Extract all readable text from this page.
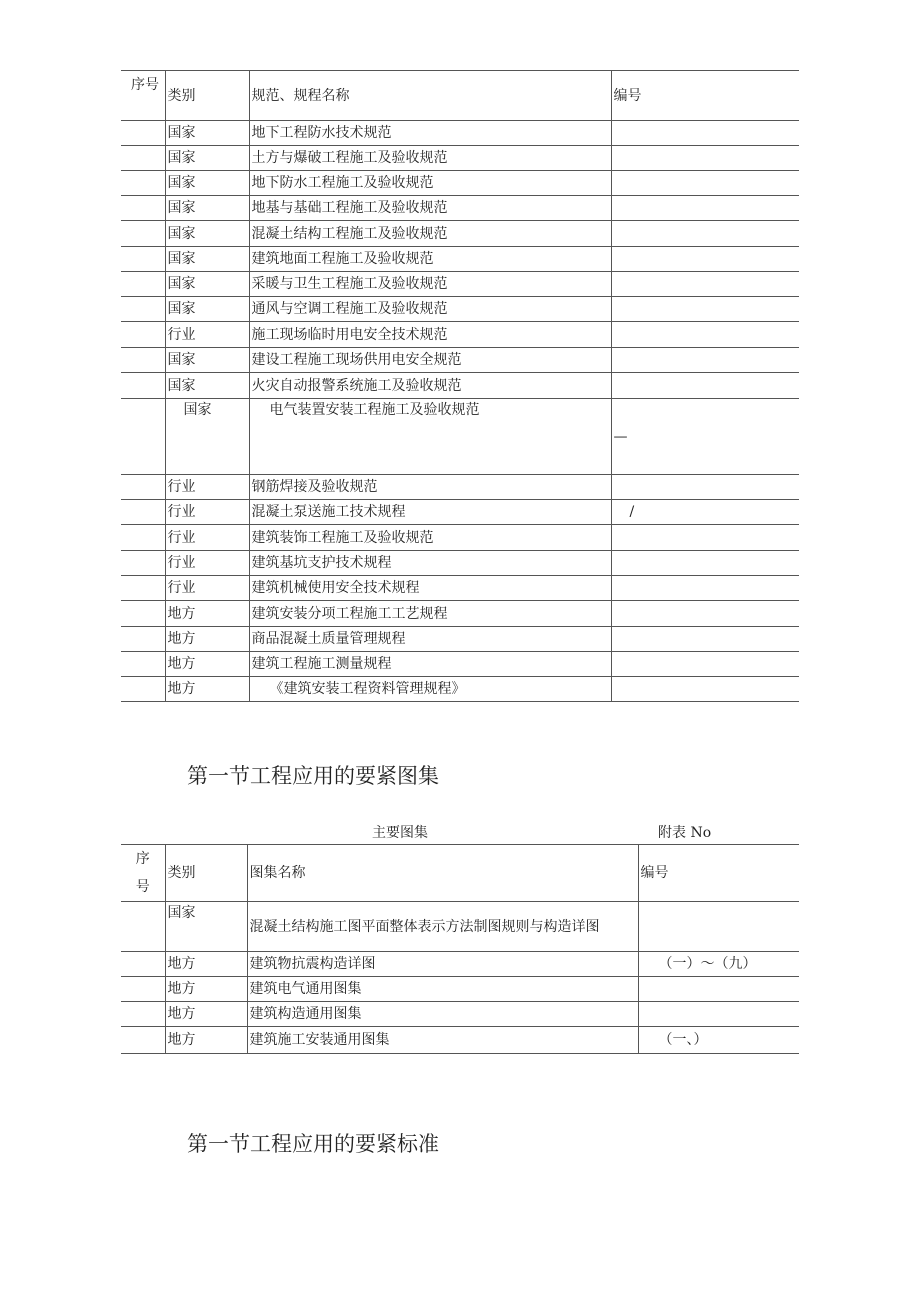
序号	类别	规范、规程名称	编号
	国家	地下工程防水技术规范	
	国家	土方与爆破工程施工及验收规范	
	国家	地下防水工程施工及验收规范	
	国家	地基与基础工程施工及验收规范	
	国家	混凝土结构工程施工及验收规范	
	国家	建筑地面工程施工及验收规范	
	国家	采暖与卫生工程施工及验收规范	
	国家	通风与空调工程施工及验收规范	
	行业	施工现场临时用电安全技术规范	
	国家	建设工程施工现场供用电安全规范	
	国家	火灾自动报警系统施工及验收规范	
	国家	电气装置安装工程施工及验收规范	—
	行业	钢筋焊接及验收规范	
	行业	混凝土泵送施工技术规程	/
	行业	建筑装饰工程施工及验收规范	
	行业	建筑基坑支护技术规程	
	行业	建筑机械使用安全技术规程	
	地方	建筑安装分项工程施工工艺规程	
	地方	商品混凝土质量管理规程	
	地方	建筑工程施工测量规程	
	地方	《建筑安装工程资料管理规程》	
第一节工程应用的要紧图集
主要图集	附表 No
序
号	类别	图集名称	编号
	国家	混凝土结构施工图平面整体表示方法制图规则与构造详图	
	地方	建筑物抗震构造详图	（一）～（九）
	地方	建筑电气通用图集	
	地方	建筑构造通用图集	
	地方	建筑施工安装通用图集	（一、）
第一节工程应用的要紧标准
